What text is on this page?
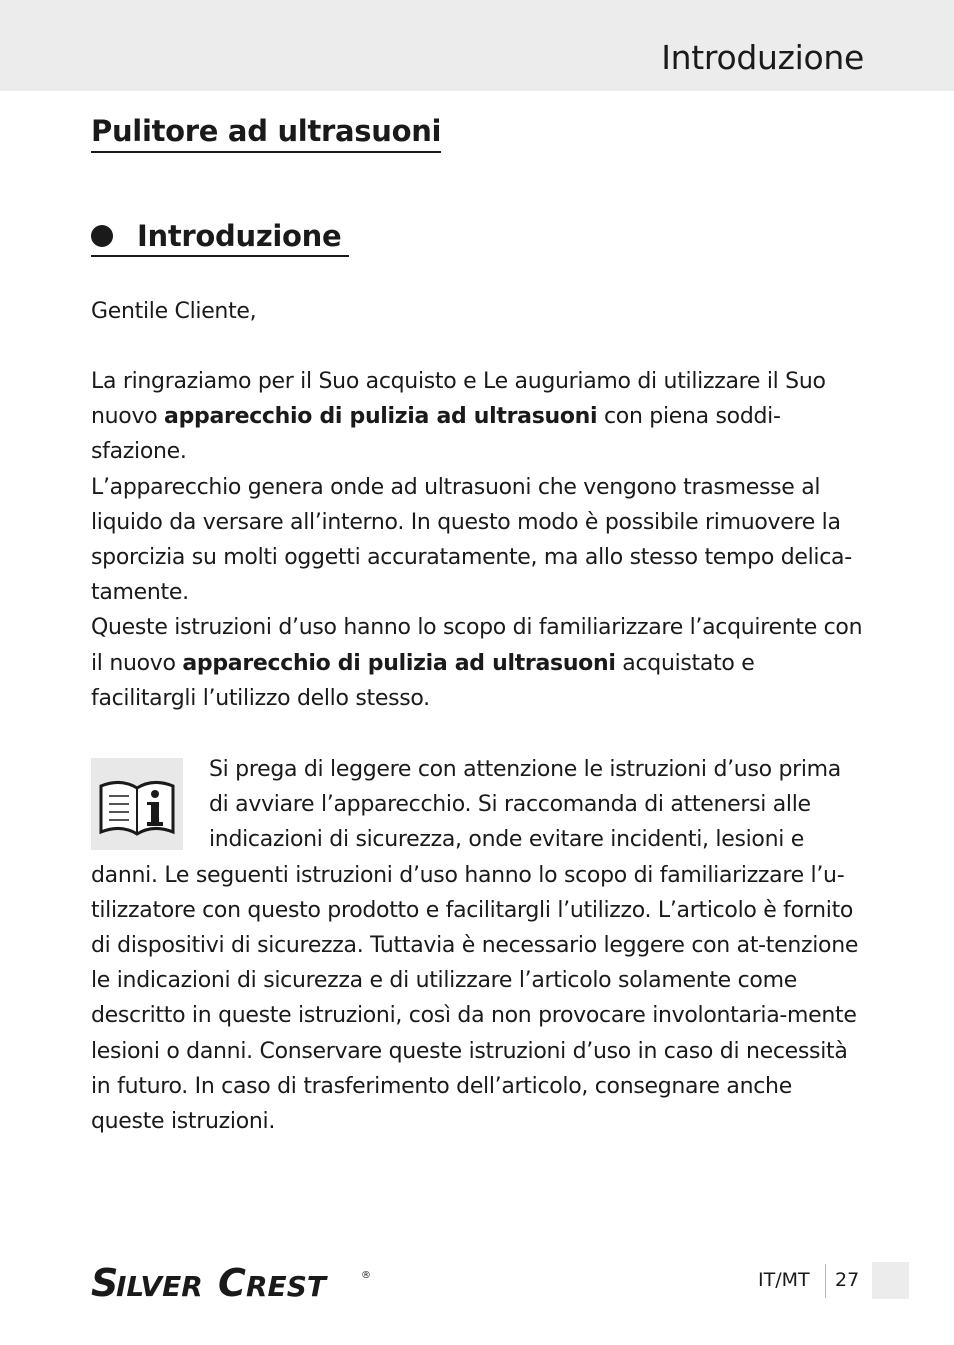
Introduzione
Pulitore ad ultrasuoni
Introduzione
Gentile Cliente,

La ringraziamo per il Suo acquisto e Le auguriamo di utilizzare il Suo nuovo apparecchio di pulizia ad ultrasuoni con piena soddi-sfazione.

L’apparecchio genera onde ad ultrasuoni che vengono trasmesse al liquido da versare all’interno. In questo modo è possibile rimuovere la sporcizia su molti oggetti accuratamente, ma allo stesso tempo delica-tamente.

Queste istruzioni d’uso hanno lo scopo di familiarizzare l’acquirente con il nuovo apparecchio di pulizia ad ultrasuoni acquistato e facilitargli l’utilizzo dello stesso.

Si prega di leggere con attenzione le istruzioni d’uso prima di avviare l’apparecchio. Si raccomanda di attenersi alle indicazioni di sicurezza, onde evitare incidenti, lesioni e danni. Le seguenti istruzioni d’uso hanno lo scopo di familiarizzare l’u-tilizzatore con questo prodotto e facilitargli l’utilizzo. L’articolo è fornito di dispositivi di sicurezza. Tuttavia è necessario leggere con at-tenzione le indicazioni di sicurezza e di utilizzare l’articolo solamente come descritto in queste istruzioni, così da non provocare involontaria-mente lesioni o danni. Conservare queste istruzioni d’uso in caso di necessità in futuro. In caso di trasferimento dell’articolo, consegnare anche queste istruzioni.

S
ILVER C REST	®	IT/MT 27
